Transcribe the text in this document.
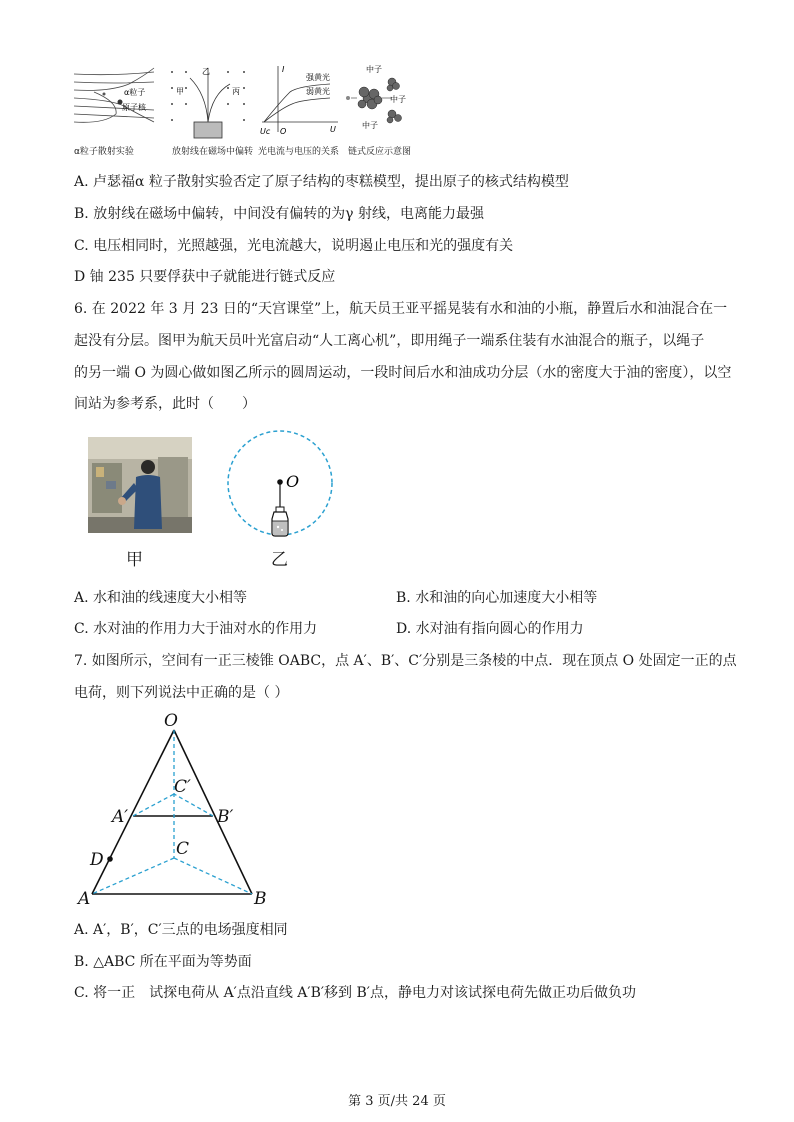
α粒子
原子核
α粒子散射实验
乙
甲	丙
放射线在磁场中偏转
I
强黄光
弱黄光
Uc O	U
光电流与电压的关系
中子
中子
中子
链式反应示意图
A. 卢瑟福α 粒子散射实验否定了原子结构的枣糕模型，提出原子的核式结构模型
B. 放射线在磁场中偏转，中间没有偏转的为γ 射线，电离能力最强
C. 电压相同时，光照越强，光电流越大，说明遏止电压和光的强度有关
D 铀 235 只要俘获中子就能进行链式反应
6. 在 2022 年 3 月 23 日的“天宫课堂”上，航天员王亚平摇晃装有水和油的小瓶，静置后水和油混合在一
起没有分层。图甲为航天员叶光富启动“人工离心机”，即用绳子一端系住装有水油混合的瓶子，以绳子
的另一端 O 为圆心做如图乙所示的圆周运动，一段时间后水和油成功分层（水的密度大于油的密度），以空
间站为参考系，此时（　　）
甲
O
乙
A. 水和油的线速度大小相等	B. 水和油的向心加速度大小相等
C. 水对油的作用力大于油对水的作用力	D. 水对油有指向圆心的作用力
7. 如图所示，空间有一正三棱锥 OABC，点 A′、B′、C′分别是三条棱的中点．现在顶点 O 处固定一正的点
电荷，则下列说法中正确的是（ ）
O
A	B
C
A′	B′
C′
D
A. A′，B′，C′三点的电场强度相同
B. △ABC 所在平面为等势面
C. 将一正　试探电荷从 A′点沿直线 A′B′移到 B′点，静电力对该试探电荷先做正功后做负功
第 3 页/共 24 页
